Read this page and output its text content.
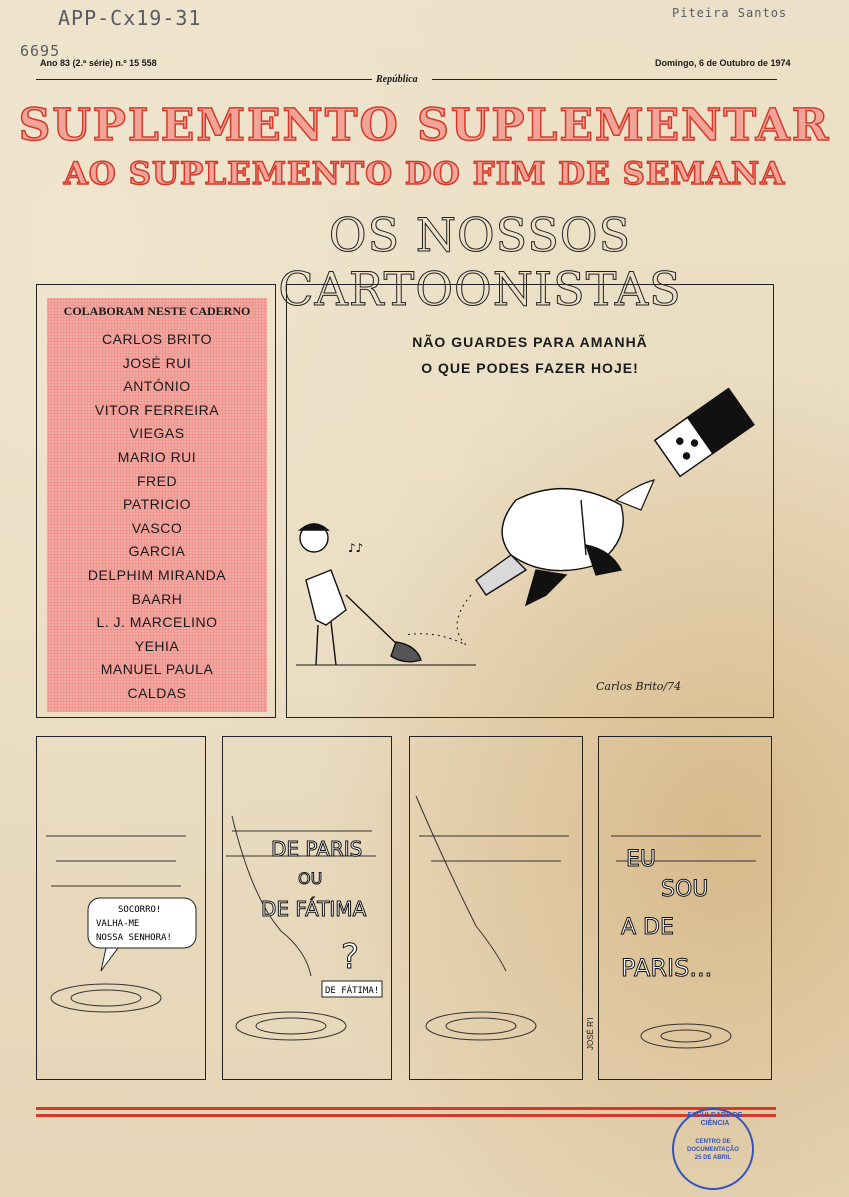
APP-Cx19-31	Piteira Santos
6695
Ano 83 (2.ª série) n.º 15 558
República
Domingo, 6 de Outubro de 1974
SUPLEMENTO SUPLEMENTAR
AO SUPLEMENTO DO FIM DE SEMANA
OS NOSSOS CARTOONISTAS
COLABORAM NESTE CADERNO
CARLOS BRITO
JOSÉ RUI
ANTÓNIO
VITOR FERREIRA
VIEGAS
MARIO RUI
FRED
PATRICIO
VASCO
GARCIA
DELPHIM MIRANDA
BAARH
L. J. MARCELINO
YEHIA
MANUEL PAULA
CALDAS
NÃO GUARDES PARA AMANHÃ
O QUE PODES FAZER HOJE!
♪♪
Carlos Brito/74
SOCORRO!
VALHA-ME
NOSSA SENHORA!
DE PARIS
OU
DE FÁTIMA
?
DE FÁTIMA!
EU
SOU
A DE
PARIS...
JOSÉ R'I
FACULDADE DE CIÊNCIA
CENTRO DE
DOCUMENTAÇÃO
25 DE ABRIL
